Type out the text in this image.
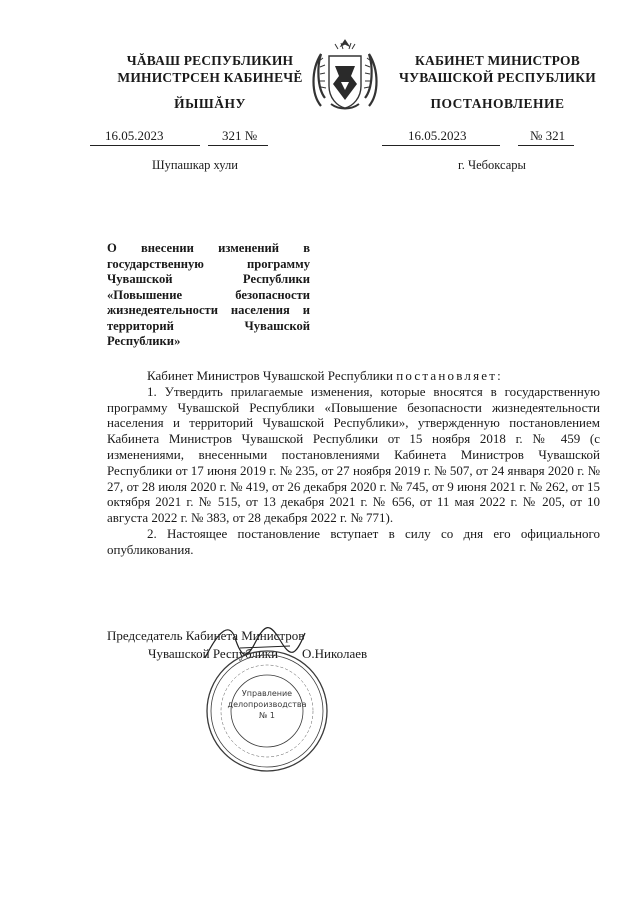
ЧĂВАШ РЕСПУБЛИКИН
МИНИСТРСЕН КАБИНЕЧĔ
ЙЫШĂНУ
КАБИНЕТ МИНИСТРОВ
ЧУВАШСКОЙ РЕСПУБЛИКИ
ПОСТАНОВЛЕНИЕ
16.05.2023	321 №	16.05.2023	№ 321
Шупашкар хули	г. Чебоксары
О внесении изменений в государственную программу Чувашской Республики «Повышение безопасности жизнедеятельности населения и территорий Чувашской Республики»

Кабинет Министров Чувашской Республики постановляет:

1. Утвердить прилагаемые изменения, которые вносятся в государственную программу Чувашской Республики «Повышение безопасности жизнедеятельности населения и территорий Чувашской Республики», утвержденную постановлением Кабинета Министров Чувашской Республики от 15 ноября 2018 г. № 459 (с изменениями, внесенными постановлениями Кабинета Министров Чувашской Республики от 17 июня 2019 г. № 235, от 27 ноября 2019 г. № 507, от 24 января 2020 г. № 27, от 28 июля 2020 г. № 419, от 26 декабря 2020 г. № 745, от 9 июня 2021 г. № 262, от 15 октября 2021 г. № 515, от 13 декабря 2021 г. № 656, от 11 мая 2022 г. № 205, от 10 августа 2022 г. № 383, от 28 декабря 2022 г. № 771).

2. Настоящее постановление вступает в силу со дня его официального опубликования.

Председатель Кабинета Министров
Чувашской Республики О.Николаев
Управление
делопроизводства
№ 1
